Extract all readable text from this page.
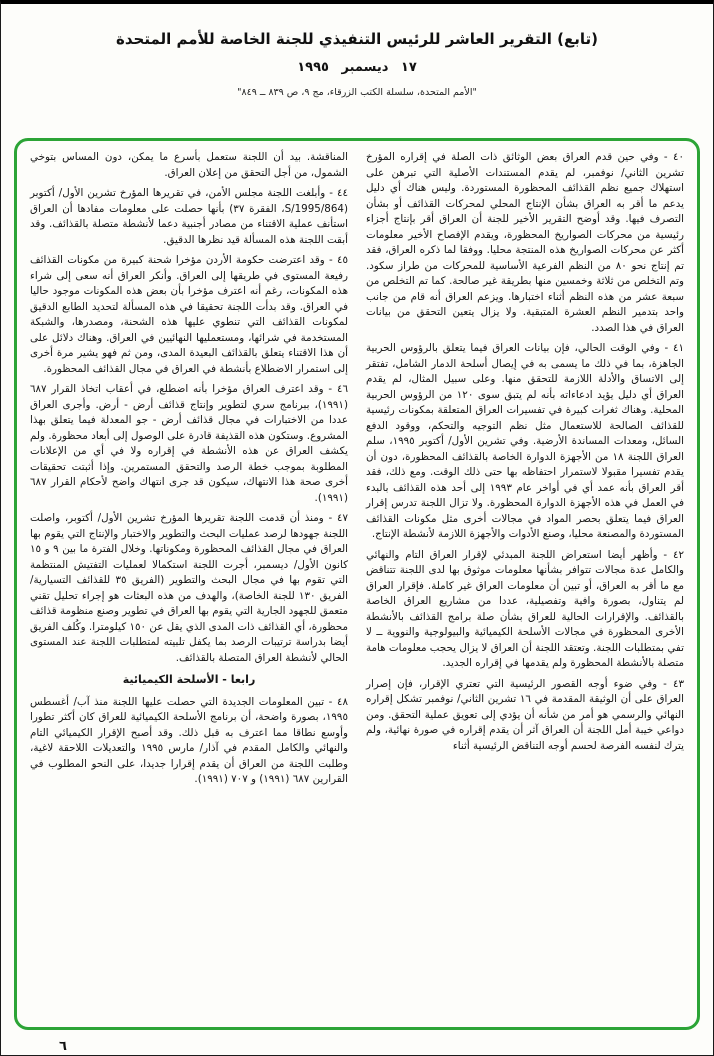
(تابع) التقرير العاشر للرئيس التنفيذي للجنة الخاصة للأمم المتحدة
١٧ ديسمبر ١٩٩٥
"الأمم المتحدة، سلسلة الكتب الزرقاء، مج ٩، ص ٨٣٩ ــ ٨٤٩"

٤٠ - وفي حين قدم العراق بعض الوثائق ذات الصلة في إقراره المؤرخ تشرين الثاني/ نوفمبر، لم يقدم المستندات الأصلية التي تبرهن على استهلاك جميع نظم القذائف المحظورة المستوردة. وليس هناك أي دليل يدعم ما أقر به العراق بشأن الإنتاج المحلي لمحركات القذائف أو بشأن التصرف فيها. وقد أوضح التقرير الأخير للجنة أن العراق أقر بإنتاج أجزاء رئيسية من محركات الصواريخ المحظورة، ويقدم الإفصاح الأخير معلومات أكثر عن محركات الصواريخ هذه المنتجة محليا. ووفقا لما ذكره العراق، فقد تم إنتاج نحو ٨٠ من النظم الفرعية الأساسية للمحركات من طراز سكود. وتم التخلص من ثلاثة وخمسين منها بطريقة غير صالحة. كما تم التخلص من سبعة عشر من هذه النظم أثناء اختبارها. ويزعم العراق أنه قام من جانب واحد بتدمير النظم العشرة المتبقية. ولا يزال يتعين التحقق من بيانات العراق في هذا الصدد.

٤١ - وفي الوقت الحالي، فإن بيانات العراق فيما يتعلق بالرؤوس الحربية الجاهزة، بما في ذلك ما يسمى به في إيصال أسلحة الدمار الشامل، تفتقر إلى الاتساق والأدلة اللازمة للتحقق منها. وعلى سبيل المثال، لم يقدم العراق أي دليل يؤيد ادعاءاته بأنه لم يتبق سوى ١٢٠ من الرؤوس الحربية المحلية. وهناك ثغرات كبيرة في تفسيرات العراق المتعلقة بمكونات رئيسية للقذائف الصالحة للاستعمال مثل نظم التوجيه والتحكم، ووقود الدفع السائل، ومعدات المساندة الأرضية. وفي تشرين الأول/ أكتوبر ١٩٩٥، سلم العراق اللجنة ١٨ من الأجهزة الدوارة الخاصة بالقذائف المحظورة، دون أن يقدم تفسيرا مقبولا لاستمرار احتفاظه بها حتى ذلك الوقت. ومع ذلك، فقد أقر العراق بأنه عمد أي في أواخر عام ١٩٩٣ إلى أحد هذه القذائف بالبدء في العمل في هذه الأجهزة الدوارة المحظورة. ولا تزال اللجنة تدرس إقرار العراق فيما يتعلق بحصر المواد في مجالات أخرى مثل مكونات القذائف المستوردة والمصنعة محليا، وصنع الأدوات والأجهزة اللازمة لأنشطة الإنتاج.

٤٢ - وأظهر أيضا استعراض اللجنة المبدئي لإقرار العراق التام والنهائي والكامل عدة مجالات تتوافر بشأنها معلومات موثوق بها لدى اللجنة تتناقض مع ما أقر به العراق، أو تبين أن معلومات العراق غير كاملة. فإقرار العراق لم يتناول، بصورة وافية وتفصيلية، عددا من مشاريع العراق الخاصة بالقذائف. والإقرارات الحالية للعراق بشأن صلة برامج القذائف بالأنشطة الأخرى المحظورة في مجالات الأسلحة الكيميائية والبيولوجية والنووية ــ لا تفي بمتطلبات اللجنة. وتعتقد اللجنة أن العراق لا يزال يحجب معلومات هامة متصلة بالأنشطة المحظورة ولم يقدمها في إقراره الجديد.

٤٣ - وفي ضوء أوجه القصور الرئيسية التي تعتري الإقرار، فإن إصرار العراق على أن الوثيقة المقدمة في ١٦ تشرين الثاني/ نوفمبر تشكل إقراره النهائي والرسمي هو أمر من شأنه أن يؤدي إلى تعويق عملية التحقق. ومن دواعي خيبة أمل اللجنة أن العراق آثر أن يقدم إقراره في صورة نهائية، ولم يترك لنفسه الفرصة لحسم أوجه التناقض الرئيسية أثناء

المناقشة. بيد أن اللجنة ستعمل بأسرع ما يمكن، دون المساس بتوخي الشمول، من أجل التحقق من إعلان العراق.

٤٤ - وأبلغت اللجنة مجلس الأمن، في تقريرها المؤرخ تشرين الأول/ أكتوبر (S/1995/864، الفقرة ٣٧) بأنها حصلت على معلومات مفادها أن العراق استأنف عملية الاقتناء من مصادر أجنبية دعما لأنشطة متصلة بالقذائف. وقد أبقت اللجنة هذه المسألة قيد نظرها الدقيق.

٤٥ - وقد اعترضت حكومة الأردن مؤخرا شحنة كبيرة من مكونات القذائف رفيعة المستوى في طريقها إلى العراق. وأنكر العراق أنه سعى إلى شراء هذه المكونات، رغم أنه اعترف مؤخرا بأن بعض هذه المكونات موجود حاليا في العراق. وقد بدأت اللجنة تحقيقا في هذه المسألة لتحديد الطابع الدقيق لمكونات القذائف التي تنطوي عليها هذه الشحنة، ومصدرها، والشبكة المستخدمة في شرائها، ومستعمليها النهائيين في العراق. وهناك دلائل على أن هذا الاقتناء يتعلق بالقذائف البعيدة المدى، ومن ثم فهو يشير مرة أخرى إلى استمرار الاضطلاع بأنشطة في العراق في مجال القذائف المحظورة.

٤٦ - وقد اعترف العراق مؤخرا بأنه اضطلع، في أعقاب اتخاذ القرار ٦٨٧ (١٩٩١)، ببرنامج سري لتطوير وإنتاج قذائف أرض - أرض. وأجرى العراق عددا من الاختبارات في مجال قذائف أرض - جو المعدلة فيما يتعلق بهذا المشروع. وستكون هذه القذيفة قادرة على الوصول إلى أبعاد محظورة. ولم يكشف العراق عن هذه الأنشطة في إقراره ولا في أي من الإعلانات المطلوبة بموجب خطة الرصد والتحقق المستمرين. وإذا أثبتت تحقيقات أخرى صحة هذا الانتهاك، سيكون قد جرى انتهاك واضح لأحكام القرار ٦٨٧ (١٩٩١).

٤٧ - ومنذ أن قدمت اللجنة تقريرها المؤرخ تشرين الأول/ أكتوبر، واصلت اللجنة جهودها لرصد عمليات البحث والتطوير والاختبار والإنتاج التي يقوم بها العراق في مجال القذائف المحظورة ومكوناتها. وخلال الفترة ما بين ٩ و ١٥ كانون الأول/ ديسمبر، أجرت اللجنة استكمالا لعمليات التفتيش المنتظمة التي تقوم بها في مجال البحث والتطوير (الفريق ٣٥ للقذائف التسيارية/ الفريق ١٣٠ للجنة الخاصة)، والهدف من هذه البعثات هو إجراء تحليل تقني متعمق للجهود الجارية التي يقوم بها العراق في تطوير وصنع منظومة قذائف محظورة، أي القذائف ذات المدى الذي يقل عن ١٥٠ كيلومترا. وكُلف الفريق أيضا بدراسة ترتيبات الرصد بما يكفل تلبيته لمتطلبات اللجنة عند المستوى الحالي لأنشطة العراق المتصلة بالقذائف.

رابعا - الأسلحة الكيميائية

٤٨ - تبين المعلومات الجديدة التي حصلت عليها اللجنة منذ آب/ أغسطس ١٩٩٥، بصورة واضحة، أن برنامج الأسلحة الكيميائية للعراق كان أكثر تطورا وأوسع نطاقا مما اعترف به قبل ذلك. وقد أصبح الإقرار الكيميائي التام والنهائي والكامل المقدم في آذار/ مارس ١٩٩٥ والتعديلات اللاحقة لاغية، وطلبت اللجنة من العراق أن يقدم إقرارا جديدا، على النحو المطلوب في القرارين ٦٨٧ (١٩٩١) و ٧٠٧ (١٩٩١).

٦
